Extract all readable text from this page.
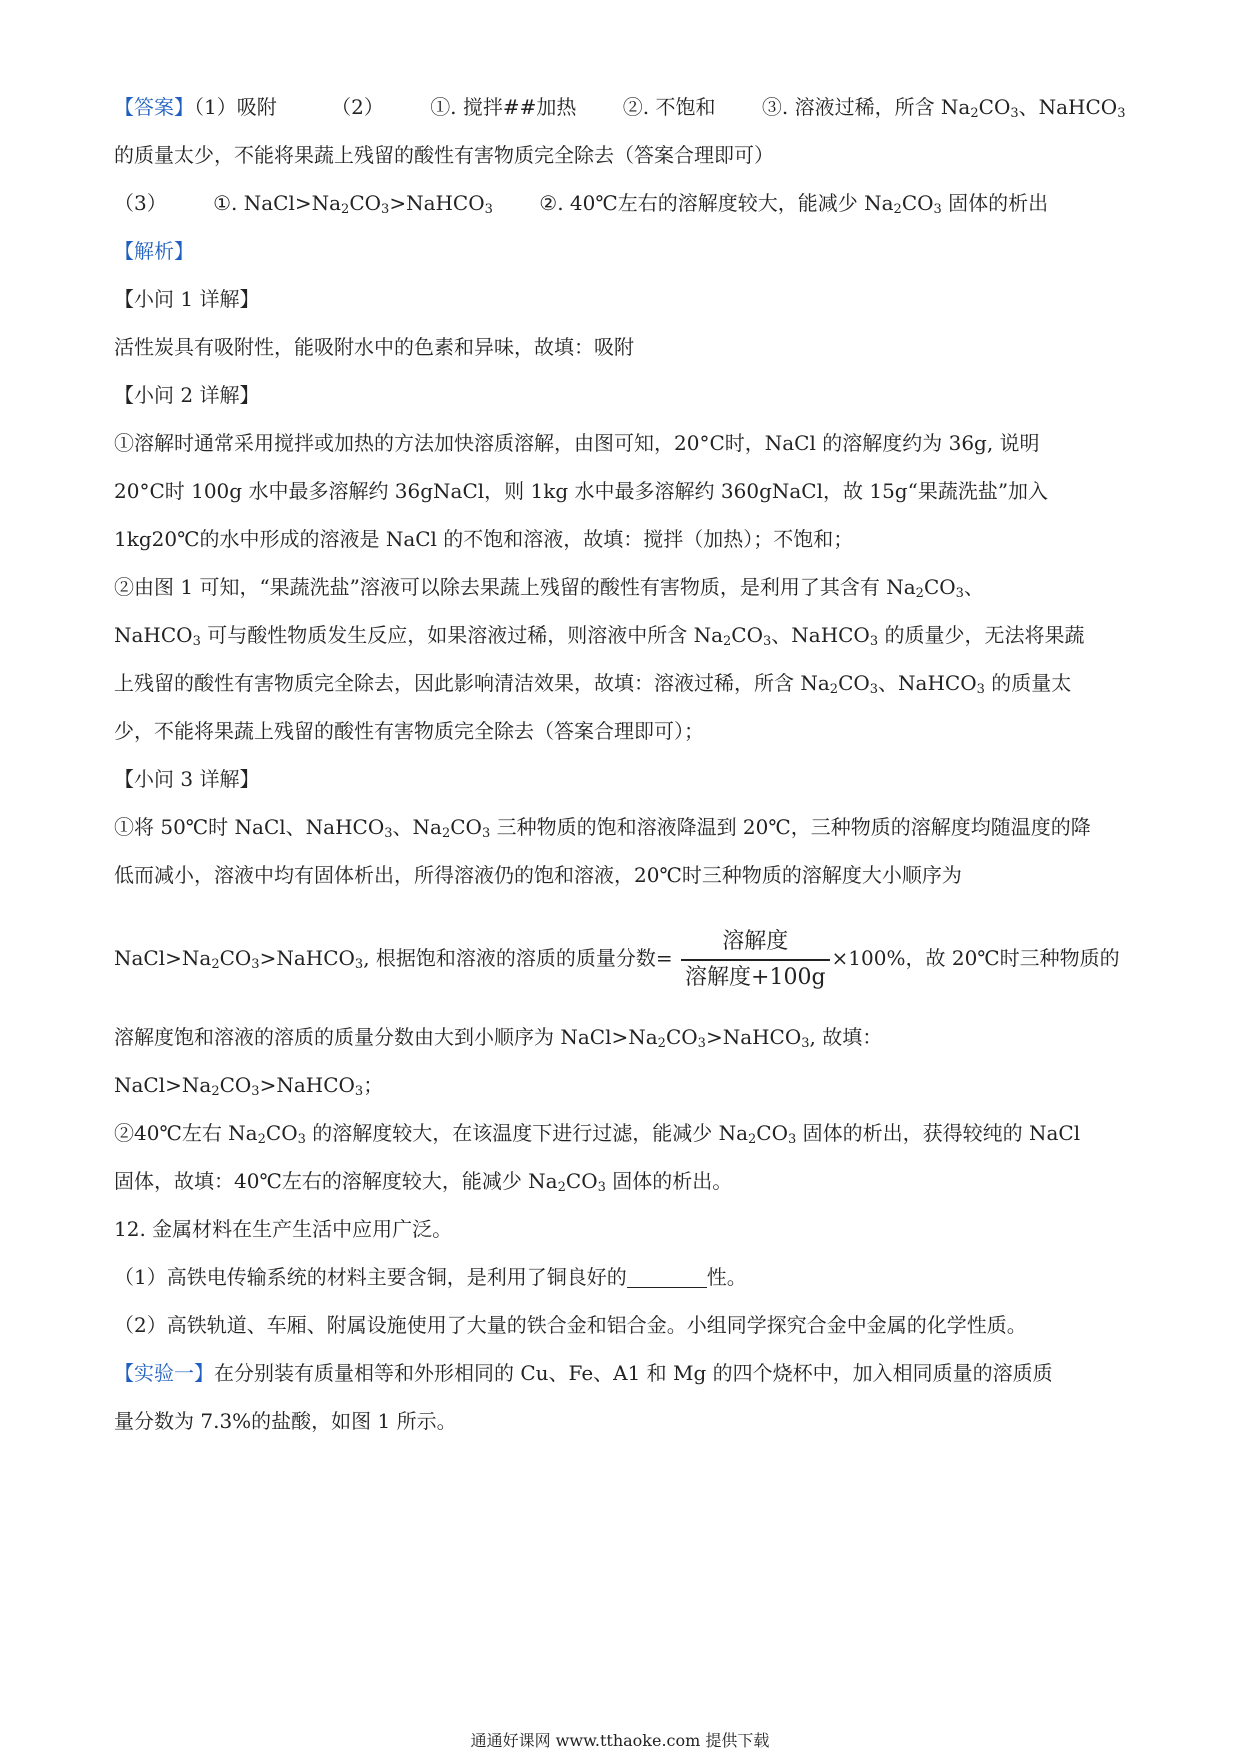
【答案】（1）吸附	（2） ①. 搅拌##加热 ②. 不饱和 ③. 溶液过稀，所含 $Na_2CO_3$、NaHCO$_3$
的质量太少，不能将果蔬上残留的酸性有害物质完全除去（答案合理即可）
（3） ①. $NaCl>Na_2CO_3>NaHCO_3$ ②. 40℃左右的溶解度较大，能减少 $Na_2CO_3$ 固体的析出
【解析】
【小问 1 详解】
活性炭具有吸附性，能吸附水中的色素和异味，故填：吸附
【小问 2 详解】
①溶解时通常采用搅拌或加热的方法加快溶质溶解，由图可知，20°C时，NaCl 的溶解度约为 36g, 说明
20°C时 100g 水中最多溶解约 36gNaCl，则 1kg 水中最多溶解约 360gNaCl，故 15g“果蔬洗盐”加入
1kg20℃的水中形成的溶液是 NaCl 的不饱和溶液，故填：搅拌（加热）；不饱和；
②由图 1 可知，“果蔬洗盐”溶液可以除去果蔬上残留的酸性有害物质，是利用了其含有 $Na_2CO_3$、
NaHCO$_3$ 可与酸性物质发生反应，如果溶液过稀，则溶液中所含 $Na_2CO_3$、NaHCO$_3$ 的质量少，无法将果蔬
上残留的酸性有害物质完全除去，因此影响清洁效果，故填：溶液过稀，所含 $Na_2CO_3$、NaHCO$_3$ 的质量太
少，不能将果蔬上残留的酸性有害物质完全除去（答案合理即可）；
【小问 3 详解】
①将 50℃时 NaCl、NaHCO$_3$、$Na_2CO_3$ 三种物质的饱和溶液降温到 20℃，三种物质的溶解度均随温度的降
低而减小，溶液中均有固体析出，所得溶液仍的饱和溶液，20℃时三种物质的溶解度大小顺序为
$NaCl>Na_2CO_3>NaHCO_3$, 根据饱和溶液的溶质的质量分数= $\frac{\text{溶解度}}{\text{溶解度+100g}} \times 100\%$，故 20℃时三种物质的
溶解度饱和溶液的溶质的质量分数由大到小顺序为 $NaCl>Na_2CO_3>NaHCO_3$, 故填：
$NaCl>Na_2CO_3>NaHCO_3$；
②40℃左右 $Na_2CO_3$ 的溶解度较大，在该温度下进行过滤，能减少 $Na_2CO_3$ 固体的析出，获得较纯的 NaCl
固体，故填：40℃左右的溶解度较大，能减少 $Na_2CO_3$ 固体的析出。
12. 金属材料在生产生活中应用广泛。
（1）高铁电传输系统的材料主要含铜，是利用了铜良好的	性。
（2）高铁轨道、车厢、附属设施使用了大量的铁合金和铝合金。小组同学探究合金中金属的化学性质。
【实验一】在分别装有质量相等和外形相同的 Cu、Fe、A1 和 Mg 的四个烧杯中，加入相同质量的溶质质
量分数为 7.3%的盐酸，如图 1 所示。
通通好课网 www.tthaoke.com 提供下载
